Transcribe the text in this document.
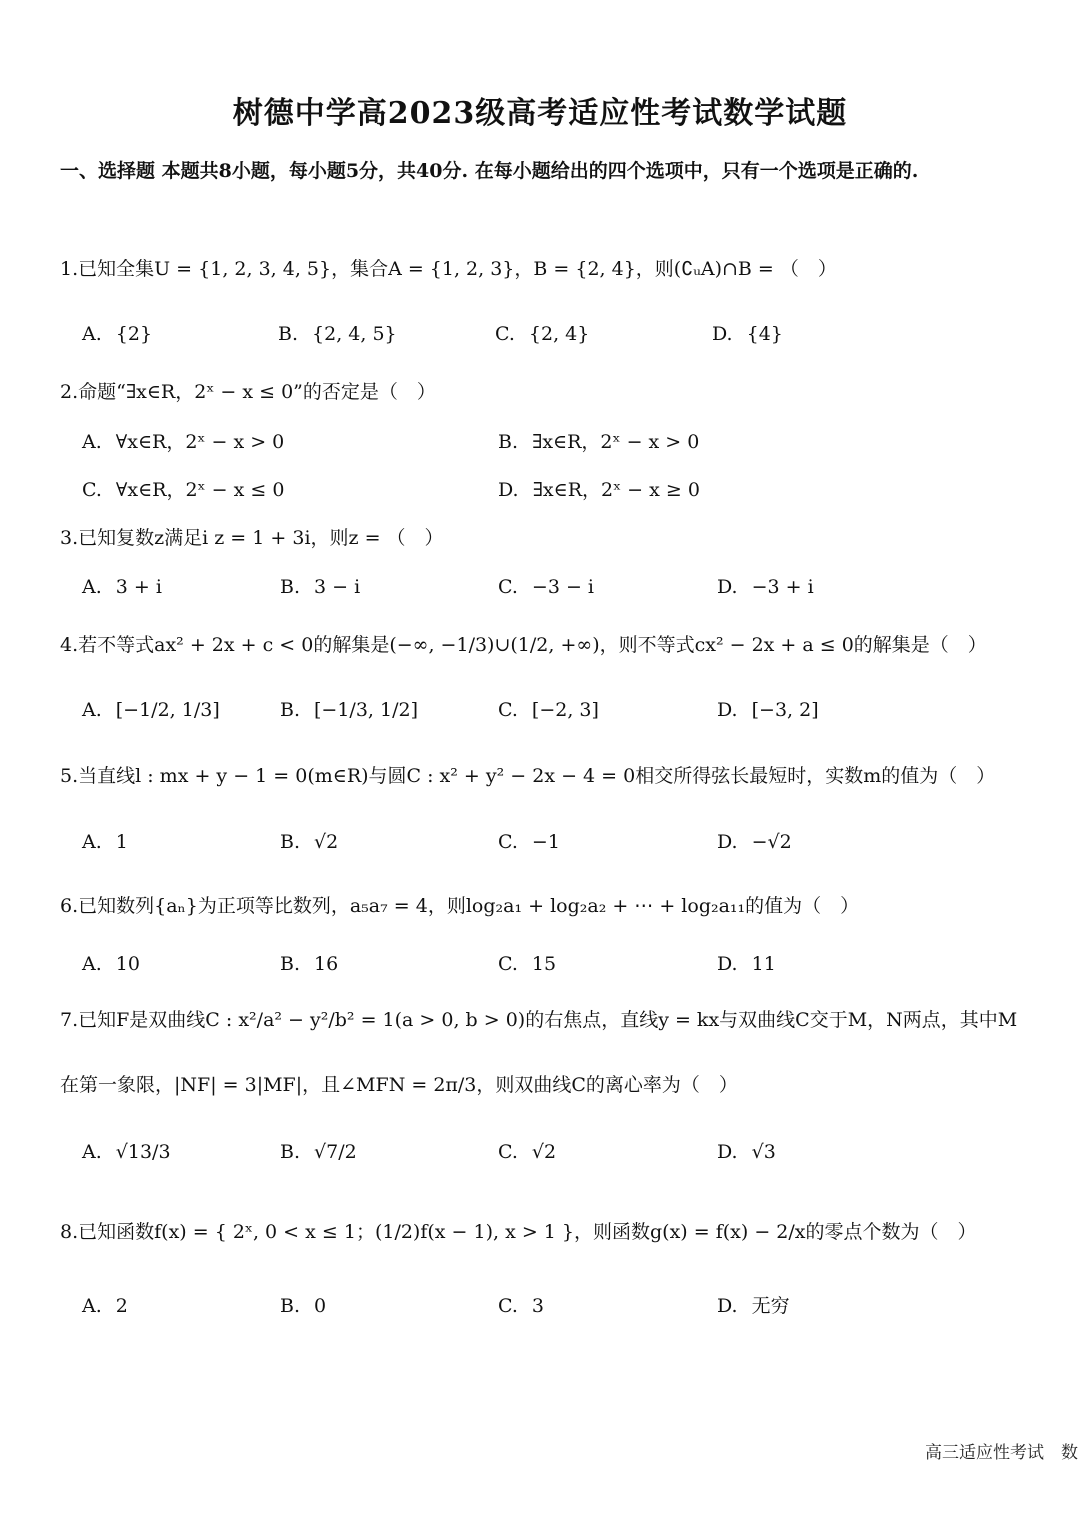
树德中学高2023级高考适应性考试数学试题
一、选择题 本题共8小题，每小题5分，共40分. 在每小题给出的四个选项中，只有一个选项是正确的.
1.已知全集U = {1, 2, 3, 4, 5}，集合A = {1, 2, 3}，B = {2, 4}，则(∁ᵤA)∩B = （　）
A. {2}	B. {2, 4, 5}	C. {2, 4}	D. {4}
2.命题“∃x∈R，2ˣ − x ≤ 0”的否定是（　）
A. ∀x∈R，2ˣ − x > 0	B. ∃x∈R，2ˣ − x > 0
C. ∀x∈R，2ˣ − x ≤ 0	D. ∃x∈R，2ˣ − x ≥ 0
3.已知复数z满足i z = 1 + 3i，则z = （　）
A. 3 + i	B. 3 − i	C. −3 − i	D. −3 + i
4.若不等式ax² + 2x + c < 0的解集是(−∞, −1/3)∪(1/2, +∞)，则不等式cx² − 2x + a ≤ 0的解集是（　）
A. [−1/2, 1/3]	B. [−1/3, 1/2]	C. [−2, 3]	D. [−3, 2]
5.当直线l : mx + y − 1 = 0(m∈R)与圆C : x² + y² − 2x − 4 = 0相交所得弦长最短时，实数m的值为（　）
A. 1	B. √2	C. −1	D. −√2
6.已知数列{aₙ}为正项等比数列，a₅a₇ = 4，则log₂a₁ + log₂a₂ + ⋯ + log₂a₁₁的值为（　）
A. 10	B. 16	C. 15	D. 11
7.已知F是双曲线C : x²/a² − y²/b² = 1(a > 0, b > 0)的右焦点，直线y = kx与双曲线C交于M，N两点，其中M
在第一象限，|NF| = 3|MF|，且∠MFN = 2π/3，则双曲线C的离心率为（　）
A. √13/3	B. √7/2	C. √2	D. √3
8.已知函数f(x) = { 2ˣ, 0 < x ≤ 1；(1/2)f(x − 1), x > 1 }，则函数g(x) = f(x) − 2/x的零点个数为（　）
A. 2	B. 0	C. 3	D. 无穷
高三适应性考试　数
